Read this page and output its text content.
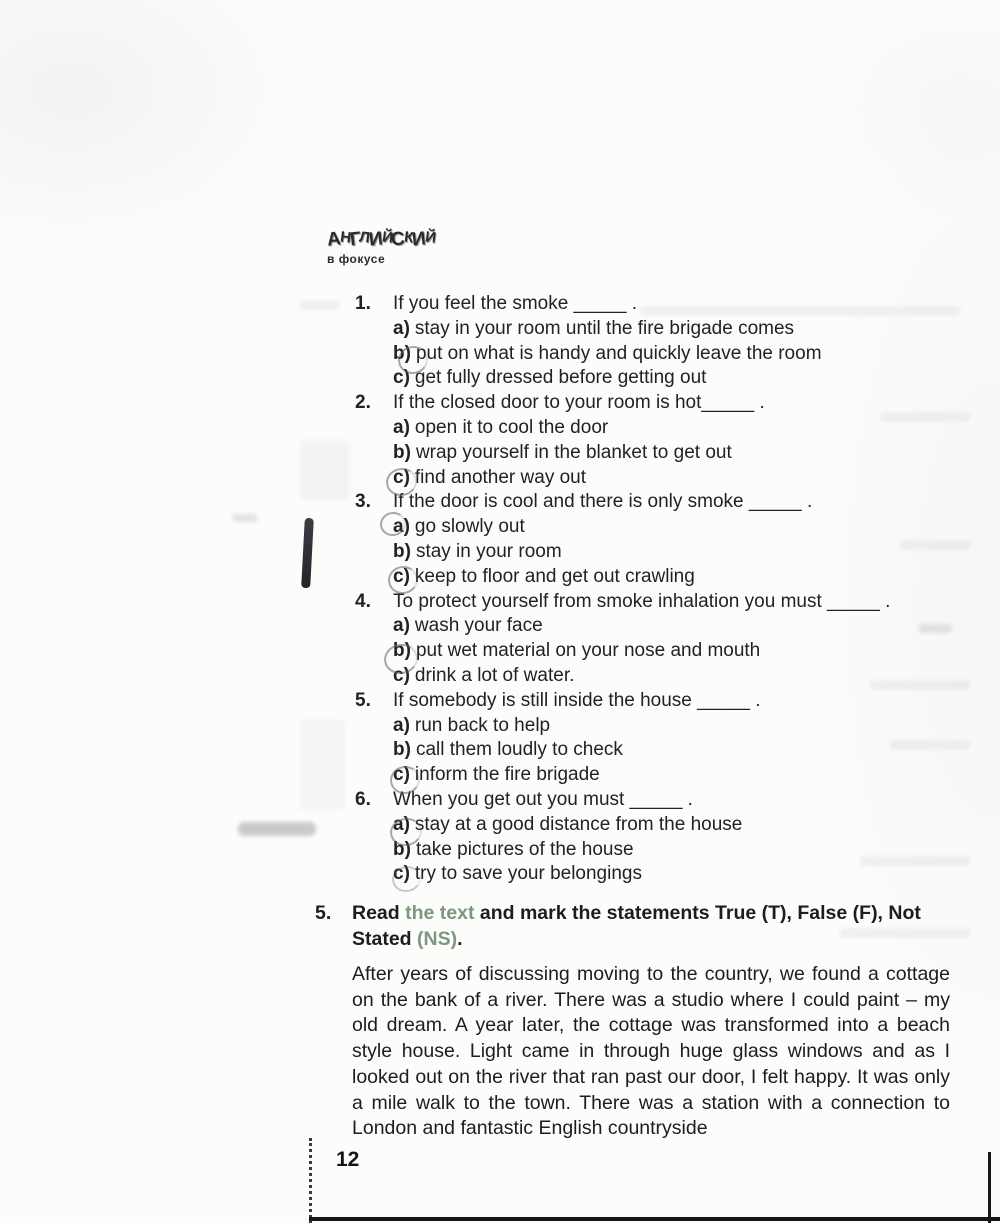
АНГЛИЙСКИЙ
в фокусе
1.	If you feel the smoke _____ .
a) stay in your room until the fire brigade comes
b) put on what is handy and quickly leave the room
c) get fully dressed before getting out
2.	If the closed door to your room is hot_____ .
a) open it to cool the door
b) wrap yourself in the blanket to get out
c) find another way out
3.	If the door is cool and there is only smoke _____ .
a) go slowly out
b) stay in your room
c) keep to floor and get out crawling
4.	To protect yourself from smoke inhalation you must _____ .
a) wash your face
b) put wet material on your nose and mouth
c) drink a lot of water.
5.	If somebody is still inside the house _____ .
a) run back to help
b) call them loudly to check
c) inform the fire brigade
6.	When you get out you must _____ .
a) stay at a good distance from the house
b) take pictures of the house
c) try to save your belongings
5.	Read the text and mark the statements True (T), False (F), Not Stated (NS).

After years of discussing moving to the country, we found a cottage on the bank of a river. There was a studio where I could paint – my old dream. A year later, the cottage was transformed into a beach style house. Light came in through huge glass windows and as I looked out on the river that ran past our door, I felt happy. It was only a mile walk to the town. There was a station with a connection to London and fantastic English countryside

12
